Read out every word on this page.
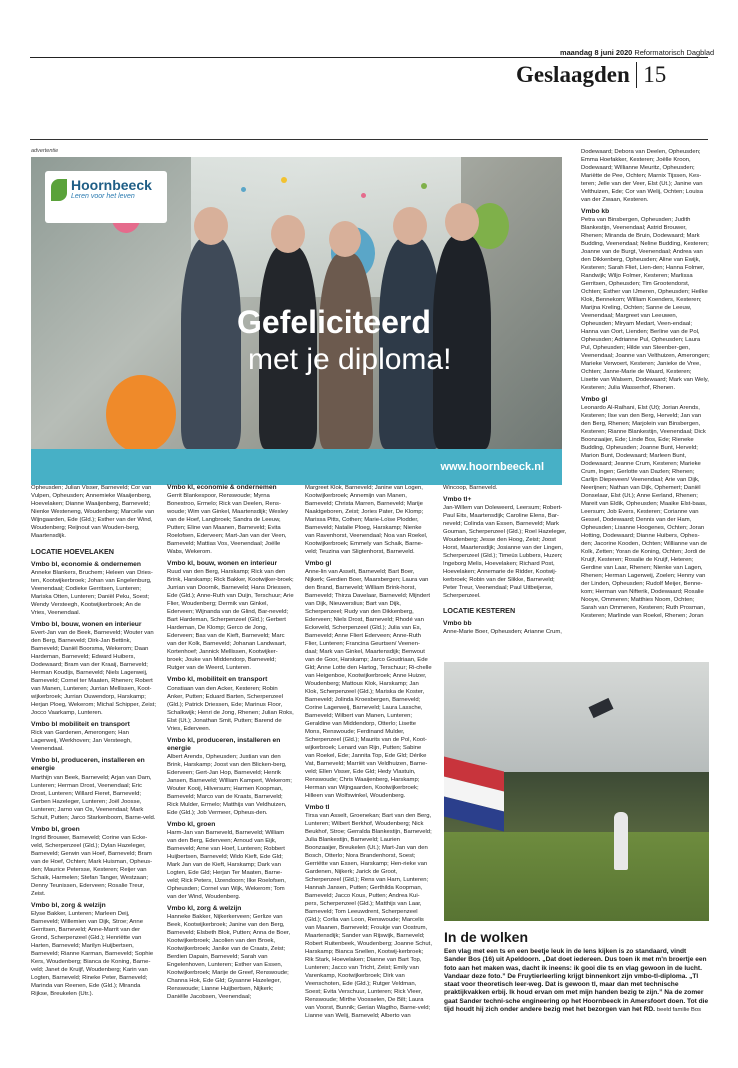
maandag 8 juni 2020 Reformatorisch Dagblad
Geslaagden 15
advertentie
Hoornbeeck
Leren voor het leven
Gefeliciteerd
met je diploma!
www.hoornbeeck.nl

Opheusden; Julian Visser, Barneveld; Cor van Vulpen, Opheusden; Annemieke Waaijenberg, Hoevelaken; Dianne Waaijenberg, Barneveld; Nienke Westeneng, Woudenberg; Marcelle van Wijngaarden, Ede (Gld.); Esther van der Wind, Woudenberg; Reijnout van Wouden-berg, Maartensdijk.

LOCATIE HOEVELAKEN
Vmbo bl, economie & ondernemen

Anneke Blankers, Bruchem; Heleen van Dries-ten, Kootwijkerbroek; Johan van Engelenburg, Veenendaal; Codieke Gerritsen, Lunteren; Mariska Otten, Lunteren; Daniël Peku, Soest; Wendy Versteegh, Kootwijkerbroek; An de Vries, Veenendaal.

Vmbo bl, bouw, wonen en interieur

Evert-Jan van de Beek, Barneveld; Wouter van den Berg, Barneveld; Dirk-Jan Bettink, Barneveld; Daniël Boorsma, Wekerom; Daan Hardeman, Barneveld; Edward Huibers, Dodewaard; Bram van der Kraaij, Barneveld; Herman Koudijs, Barneveld; Niels Lagerweij, Barneveld; Cornel ter Maaten, Rhenen; Robert van Manen, Lunteren; Jurrian Mellissen, Koot-wijkerbroek; Jurrian Ouwendorp, Harskamp; Herjan Ploeg, Wekerom; Michal Schipper, Zeist; Jocco Vaarkamp, Lunteren.

Vmbo bl mobiliteit en transport

Rick van Gardenen, Amerongen; Han Lagerweij, Werkhoven; Jan Versteegh, Veenendaal.

Vmbo bl, produceren, installeren en energie

Marthijn van Beek, Barneveld; Arjan van Dam, Lunteren; Herman Drost, Veenendaal; Eric Drost, Lunteren; Willard Fieret, Barneveld; Gerben Hazeleger, Lunteren; Joël Joosse, Lunteren; Jarno van Os, Veenendaal; Mark Schuit, Putten; Jarco Starkenboom, Barne-veld.

Vmbo bl, groen

Ingrid Brouwer, Barneveld; Corine van Ecke-veld, Scherpenzeel (Gld.); Dylan Hazeleger, Barneveld; Gerwin van Hoef, Barneveld; Bram van de Hoef, Ochten; Mark Huisman, Opheus-den; Maurice Petersse, Kesteren; Reijer van Schaik, Harmelen; Stefan Tanger, Westzaan; Denny Teunissen, Ederveen; Rosalie Treur, Zeist.

Vmbo bl, zorg & welzijn

Elyse Bakker, Lunteren; Marleen Deij, Barneveld; Willemien van Dijk, Stroe; Anne Gerritsen, Barneveld; Anne-Marrit van der Grond, Scherpenzeel (Gld.); Henriëtte van Harten, Barneveld; Marilyn Huijbertsen, Barneveld; Rianne Karman, Barneveld; Sophie Kers, Woudenberg; Bianca de Koning, Barne-veld; Janet de Kruijf, Woudenberg; Karin van Logten, Barneveld; Rineke Peter, Barneveld; Marinda van Reenen, Ede (Gld.); Miranda Rijkse, Breukelen (Utr.).

Vmbo kl, economie & ondernemen

Gerrit Blankespoor, Renswoude; Myrna Bonestroo, Ermelo; Rick van Deelen, Rens-woude; Wim van Ginkel, Maartensdijk; Wesley van de Hoef, Langbroek; Sandra de Leeuw, Putten; Eline van Maanen, Barneveld; Evita Roelofsen, Ederveen; Mart-Jan van der Veen, Barneveld; Mattias Vos, Veenendaal; Joëlle Wabs, Wekerom.

Vmbo kl, bouw, wonen en interieur

Ruud van den Berg, Harskamp; Rick van den Brink, Harskamp; Rick Bakker, Kootwijker-broek; Jurrian van Doornik, Barneveld; Hans Driessen, Ede (Gld.); Anne-Ruth van Duijn, Terschuur; Arie Flier, Woudenberg; Dermik van Ginkel, Ederveen; Wijnanda van de Glind, Bar-neveld; Bart Hardeman, Scherpenzeel (Gld.); Gerbert Hardeman, De Klomp; Gerco de Jong, Ederveen; Bas van de Kieft, Barneveld; Marc van der Kolk, Barneveld; Johanan Landwaart, Kortenhoef; Jannick Mellissen, Kootwijker-broek; Jouke van Middendorp, Barneveld; Rutger van de Weerd, Lunteren.

Vmbo kl, mobiliteit en transport

Constiaan van den Acker, Kesteren; Robin Anker, Putten; Eduard Barten, Scherpenzeel (Gld.); Patrick Driessen, Ede; Marinus Floor, Schalkwijk; Henri de Jong, Rhenen; Julian Roks, Elst (Ut.); Jonathan Smit, Putten; Barend de Vries, Ederveen.

Vmbo kl, produceren, installeren en energie

Albert Arends, Opheusden; Justian van den Brink, Harskamp; Joost van den Blicken-berg, Ederveen; Gert-Jan Hop, Barneveld; Henrik Jansen, Barneveld; William Kampert, Wekerom; Wouter Kooij, Hilversum; Harmen Koopman, Barneveld; Marco van de Kraats, Barneveld; Rick Mulder, Ermelo; Matthijs van Veldhuizen, Ede (Gld.); Job Vermeer, Opheus-den.

Vmbo kl, groen

Harm-Jan van Barneveld, Barneveld; William van den Berg, Ederveen; Arnoud van Eijk, Barneveld; Arne van Hoef, Lunteren; Robbert Huijbertsen, Barneveld; Wido Kieft, Ede Gld; Mark Jan van de Kieft, Harskamp; Dark van Logten, Ede Gld; Herjan Ter Maaten, Barne-veld; Rick Peters, IJzendoorn; Ilke Roelofsen, Opheusden; Cornel van Wijk, Wekerom; Tom van der Wind, Woudenberg.

Vmbo kl, zorg & welzijn

Hanneke Bakker, Nijkerkerveen; Gerlize van Beek, Kootwijkerbroek; Janine van den Berg, Barneveld; Elsbeth Blok, Putten; Anna de Boer, Kootwijkerbroek; Jacolien van den Broek, Kootwijkerbroek; Janike van de Craats, Zeist; Berdien Dapain, Barneveld; Sarah van Engelenhoven, Lunteren; Esther van Essen, Kootwijkerbroek; Marije de Greef, Renswoude; Channa Hok, Ede Gld; Gysanne Hazeleger, Renswoude; Lianne Huijbertsen, Nijkerk; Daniëlle Jacobsen, Veenendaal;

Margreet Klok, Barneveld; Janine van Logen, Kootwijkerbroek; Annemijn van Manen, Barneveld; Christa Marren, Barneveld; Marije Naaktgeboren, Zeist; Jories Pater, De Klomp; Marissa Pitts, Cothen; Marie-Loïse Plodder, Barneveld; Natalie Ploeg, Harskamp; Nienke van Ravenhorst, Veenendaal; Noa van Roekel, Kootwijkerbroek; Emmely van Schaik, Barne-veld; Teuzina van Sligtenhorst, Barneveld.

Vmbo gl

Anne-lin van Asselt, Barneveld; Bart Boer, Nijkerk; Gerdien Boer, Maarsbergen; Laura van den Brand, Barneveld; William Brink-horst, Barneveld; Thirza Davelaar, Barneveld; Mijndert van Dijk, Nieuwerslius; Bart van Dijk, Scherpenzeel; Rudy van den Dikkenberg, Ederveen; Niels Drost, Barneveld; Rhodé van Eckeveld, Scherpenzeel (Gld.); Julia van Es, Barneveld; Anne Fliert Ederveen; Anne-Ruth Flier, Lunteren; Francina Geurtsen/ Veenen-daal; Mark van Ginkel, Maartensdijk; Benwout van de Goor, Harskamp; Jarco Goudriaan, Ede Gld; Anne Lotte den Hartog, Terschuur; Ri-chelle van Heigenboe, Kootwijkerbroek; Anne Huizer, Woudenberg; Mattous Klok, Harskamp; Jan Klok, Scherpenzeel (Gld.); Mariska de Koster, Barneveld; Jolinda Kroesbergen, Barneveld; Corine Lagerweij, Barneveld; Laura Lassche, Barneveld; Wilbert van Manen, Lunteren; Geraldine van Middendorp, Otterlo; Lisette Mons, Renswoude; Ferdinand Mulder, Scherpenzeel (Gld.); Maurits van de Pol, Koot-wijkerbroek; Lenard van Rijn, Putten; Sabine van Roekel, Ede; Jannita Top, Ede Gld; Dérike Vat, Barneveld; Marriët van Veldhuizen, Barne-veld; Ellen Visser, Ede Gld; Hedy Vlastuin, Renswoude; Chris Waaijenberg, Harskamp; Herman van Wijngaarden, Kootwijkerbroek; Hilleen van Wolfswinkel, Woudenberg.

Vmbo tl

Tirsa van Asselt, Groenekan; Bart van den Berg, Lunteren; Wilbert Berkhof, Woudenberg; Nick Beukhof, Stroe; Gerralda Blankestijn, Barneveld; Julia Blankestijn, Barneveld; Laurien Boonzaaijer, Breukelen (Ut.); Mart-Jan van den Bosch, Otterlo; Nora Brandenhorst, Soest; Gerriëtte van Essen, Harskamp; Hen-rieke van Gardenen, Nijkerk; Jarick de Groot, Scherpenzeel (Gld.); Rens van Harn, Lunteren; Hannah Jansen, Putten; Gerthilda Koopman, Barneveld; Jacco Kous, Putten; Andrea Kui-pers, Scherpenzeel (Gld.); Matthijs van Laar, Barneveld; Tom Leeuwdrent, Scherpenzeel (Gld.); Corlia van Loon, Renswoude; Marcelis van Maanen, Barneveld; Froukje van Oostrum, Maartensdijk; Sander van Rijswijk, Barneveld; Robert Ruitenbeek, Woudenberg; Joanne Schut, Harskamp; Bianca Snellen, Kootwij-kerbroek; Rik Stark, Hoevelaken; Dianne van Bart Top, Lunteren; Jacco van Tricht, Zeist; Emily van Varenkamp, Kootwijkerbroek; Dirk van Veenschoten, Ede (Gld.); Rutger Veldman, Soest; Evita Verschuur, Lunteren; Rick Vleer, Renswoude; Mirthe Voosselen, De Bilt; Laura van Voorst, Bunnik; Gerian Wagtho, Barne-veld; Lianne van Welij, Barneveld; Alberto van

Wincoop, Barneveld.

Vmbo tl+

Jan-Willem van Doleweerd, Leersum; Robert-Paul Eits, Maartensdijk; Caroline Elens, Bar-neveld; Colinda van Essen, Barneveld; Mark Gouman, Scherpenzeel (Gld.); Roel Hazeleger, Woudenberg; Jesse den Hoog, Zeist; Joost Horst, Maartensdijk; Josianne van der Lingen, Scherpenzeel (Gld.); Timeús Lubbers, Huzen; Ingeborg Melis, Hoevelaken; Richard Post, Hoevelaken; Annemarie de Ridder, Kootwij-kerbroek; Robin van der Slikke, Barneveld; Peter Treur, Veenendaal; Paul Uitbeijerse, Scherpenzeel.

LOCATIE KESTEREN
Vmbo bb

Anne-Marie Boer, Opheusden; Arianne Crum,

Dodewaard; Debora van Deelen, Opheusden; Emma Hoefakker, Kesteren; Joëlle Kroon, Dodewaard; Willianne Meuritz, Opheusden; Mariëtte de Pee, Ochten; Marnix Tijssen, Kes-teren; Jelle van der Veer, Elst (Ut.); Janine van Velthuizen, Ede; Cor van Welij, Ochten; Louisa van der Zwaan, Kesteren.

Vmbo kb

Petra van Binsbergen, Opheusden; Judith Blankestijn, Veenendaal; Astrid Brouwer, Rhenen; Miranda de Bruin, Dodewaard; Mark Budding, Veenendaal; Neline Budding, Kesteren; Joanne van de Burgt, Veenendaal; Andrea van den Dikkenberg, Opheusden; Aline van Ewijk, Kesteren; Sarah Fliet, Lien-den; Hanna Folmer, Randwijk; Wiljo Folmer, Kesteren; Marlissa Gerritsen, Opheusden; Tim Grootendorst, Ochten; Esther van IJmeren, Opheusden; Heilke Klok, Bennekom; William Koenders, Kesteren; Marijna Kreling, Ochten; Sanne de Leeuw, Veenendaal; Margreet van Leeuwen, Opheusden; Miryam Medart, Veen-endaal; Hanna van Oort, Lienden; Berline van de Pol, Opheusden; Adrianne Pul, Opheusden; Laura Pul, Opheusden; Hilde van Steenber-gen, Veenendaal; Joanne van Velthuizen, Amerongen; Marieke Verwoert, Kesteren; Janieke de Vree, Ochten; Janne-Marie de Waard, Kesteren; Lisette van Walsem, Dodewaard; Mark van Wely, Kesteren; Julia Wasserhof, Rhenen.

Vmbo gl

Leonardo Al-Raihani, Elst (Ut); Jorian Arends, Kesteren; Ilse van den Berg, Herveld; Jan van den Berg, Rhenen; Marjolein van Binsbergen, Kesteren; Rianne Blankestijn, Veenendaal; Dick Boonzaaijer, Ede; Linde Bos, Ede; Rieneke Budding, Opheusden; Joanne Bunt, Herveld; Marion Bunt, Dodewaard; Marleen Bunt, Dodewaard; Jeanne Crum, Kesteren; Marieke Crum, Ingen; Gerlotte van Dazlen; Rhenen; Carlijn Diepeveen/ Veenendaal; Arie van Dijk, Neerijnen; Nathan van Dijk, Ophemert; Daniël Donselaar, Elst (Ut.); Anne Eerland, Rhenen; Mareit van Eldik, Opheusden; Maaike Elst-baas, Leersum; Job Evers, Kesteren; Corianne van Gessel, Dodewaard; Dennis van der Ham, Opheusden; Lisanne Hoogenes, Ochten; Joran Hotting, Dodewaard; Dianne Huibers, Ophes-den; Jacorine Kooden, Ochten; Willianne van de Kolk, Zetten; Yoran de Koning, Ochten; Jordi de Kruijf, Kesteren; Rosalie de Kruijf, Heteren; Gerdine van Laar, Rhenen; Nienke van Lagen, Rhenen; Herman Lagerweij, Zoelen; Henny van der Linden, Opheusden; Rudolf Meijer, Benne-kom; Herman van Nifterik, Dodewaard; Rosalie Nooye, Ommeren; Matthies Noom, Ochten; Sarah van Ommeren, Kesteren; Ruth Prosman, Kesteren; Marlinde van Roekel, Rhenen; Joran

In de wolken
Een vlag met een ts en een beetje leuk in de lens kijken is zo standaard, vindt Sander Bos (16) uit Apeldoorn. „Dat doet iedereen. Dus toen ik met m'n broertje een foto aan het maken was, dacht ik ineens: ik gooi die ts en vlag gewoon in de lucht. Vandaar deze foto.” De Fruytierleerling krijgt binnenkort zijn vmbo-tl-diploma. „Tl staat voor theoretisch leer-weg. Dat is gewoon tl, maar dan met technische praktijkvakken erbij. Ik houd ervan om met mijn handen bezig te zijn.” Na de zomer gaat Sander techni-sche engineering op het Hoornbeeck in Amersfoort doen. Tot die tijd houdt hij zich onder andere bezig met het bezorgen van het RD. beeld familie Bos
